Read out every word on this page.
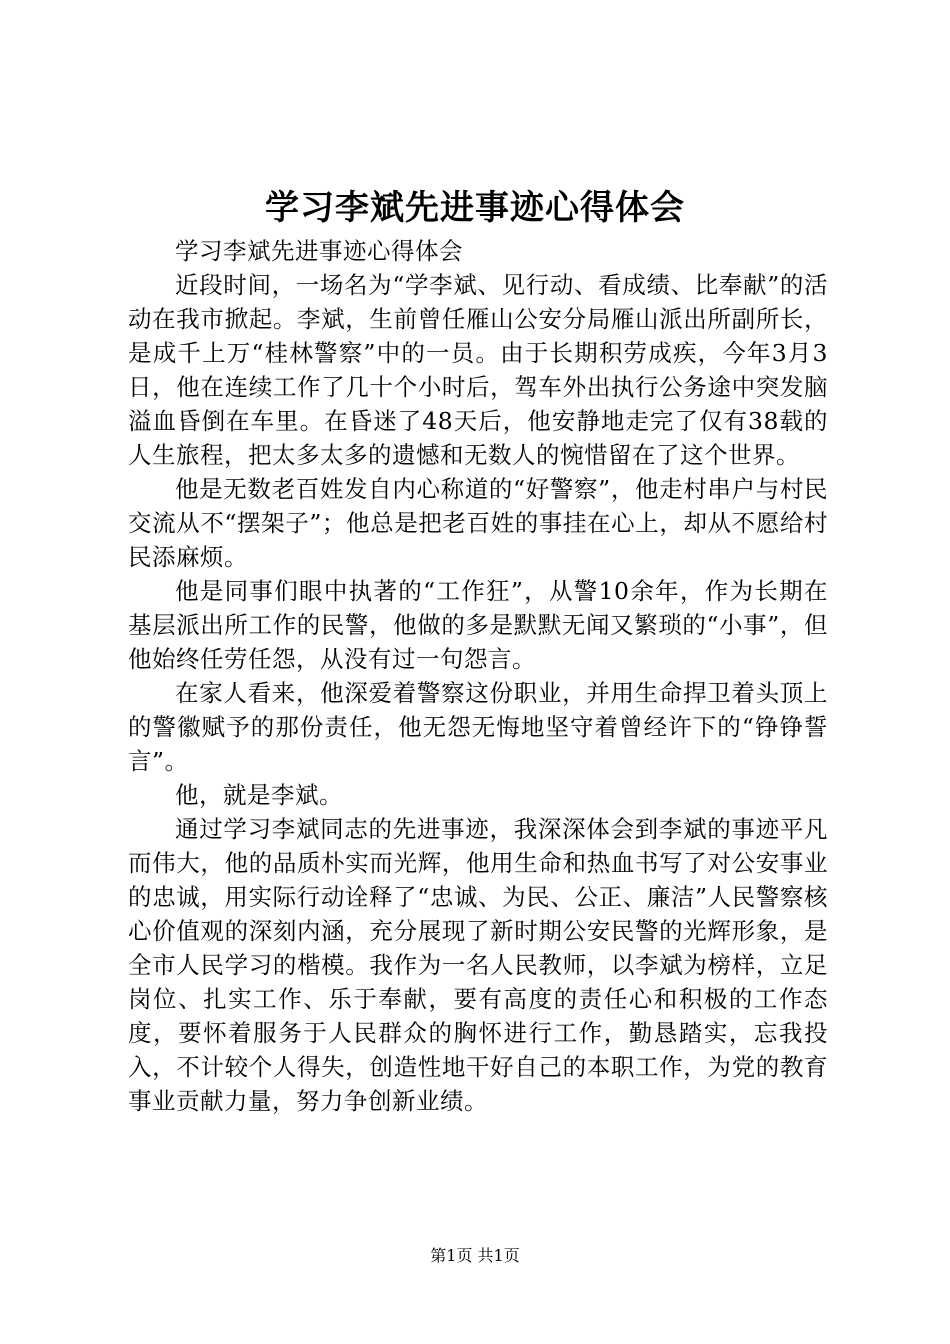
学习李斌先进事迹心得体会

学习李斌先进事迹心得体会

近段时间，一场名为“学李斌、见行动、看成绩、比奉献”的活动在我市掀起。李斌，生前曾任雁山公安分局雁山派出所副所长，是成千上万“桂林警察”中的一员。由于长期积劳成疾，今年3月3日，他在连续工作了几十个小时后，驾车外出执行公务途中突发脑溢血昏倒在车里。在昏迷了48天后，他安静地走完了仅有38载的人生旅程，把太多太多的遗憾和无数人的惋惜留在了这个世界。

他是无数老百姓发自内心称道的“好警察”，他走村串户与村民交流从不“摆架子”；他总是把老百姓的事挂在心上，却从不愿给村民添麻烦。

他是同事们眼中执著的“工作狂”，从警10余年，作为长期在基层派出所工作的民警，他做的多是默默无闻又繁琐的“小事”，但他始终任劳任怨，从没有过一句怨言。

在家人看来，他深爱着警察这份职业，并用生命捍卫着头顶上的警徽赋予的那份责任，他无怨无悔地坚守着曾经许下的“铮铮誓言”。

他，就是李斌。

通过学习李斌同志的先进事迹，我深深体会到李斌的事迹平凡而伟大，他的品质朴实而光辉，他用生命和热血书写了对公安事业的忠诚，用实际行动诠释了“忠诚、为民、公正、廉洁”人民警察核心价值观的深刻内涵，充分展现了新时期公安民警的光辉形象，是全市人民学习的楷模。我作为一名人民教师，以李斌为榜样，立足岗位、扎实工作、乐于奉献，要有高度的责任心和积极的工作态度，要怀着服务于人民群众的胸怀进行工作，勤恳踏实，忘我投入，不计较个人得失，创造性地干好自己的本职工作，为党的教育事业贡献力量，努力争创新业绩。

第1页 共1页
